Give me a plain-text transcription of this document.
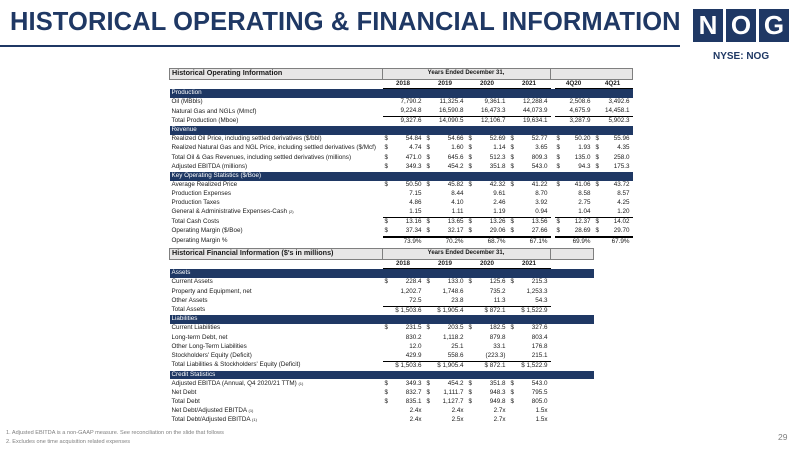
HISTORICAL OPERATING & FINANCIAL INFORMATION N O G
NYSE: NOG
Historical Operating Information	Years Ended December 31,						
	2018	2019	2020	2021		4Q20	4Q21
Production							
Oil (MBbls)	7,790.2	11,325.4	9,361.1	12,288.4		2,508.6	3,492.6
Natural Gas and NGLs (Mmcf)	9,224.8	16,590.8	16,473.3	44,073.9		4,675.9	14,458.1
Total Production (Mboe)	9,327.6	14,090.5	12,106.7	19,634.1		3,287.9	5,902.3
Revenue							
Realized Oil Price, including settled derivatives ($/bbl)	$ 54.84	$ 54.66	$ 52.69	$ 52.77		$ 50.20	$ 55.96
Realized Natural Gas and NGL Price, including settled derivatives ($/Mcf)	$ 4.74	$ 1.60	$ 1.14	$ 3.65		$ 1.93	$ 4.35
Total Oil & Gas Revenues, including settled derivatives (millions)	$ 471.0	$ 645.6	$ 512.3	$ 809.3		$ 135.0	$ 258.0
Adjusted EBITDA (millions)	$ 349.3	$ 454.2	$ 351.8	$ 543.0		$ 94.3	$ 175.3
Key Operating Statistics ($/Boe)							
Average Realized Price	$ 50.50	$ 45.82	$ 42.32	$ 41.22		$ 41.06	$ 43.72
Production Expenses	7.15	8.44	9.61	8.70		8.58	8.57
Production Taxes	4.86	4.10	2.46	3.92		2.75	4.25
General & Administrative Expenses-Cash $^{(2)}$	1.15	1.11	1.19	0.94		1.04	1.20
Total Cash Costs	$ 13.16	$ 13.65	$ 13.26	$ 13.56		$ 12.37	$ 14.02
Operating Margin ($/Boe)	$ 37.34	$ 32.17	$ 29.06	$ 27.66		$ 28.69	$ 29.70
Operating Margin %	73.9%	70.2%	68.7%	67.1%		69.9%	67.9%
Historical Financial Information ($'s in millions)	Years Ended December 31,				
	2018	2019	2020	2021	
Assets					
Current Assets	$ 228.4	$ 133.0	$ 125.6	$ 215.3	
Property and Equipment, net	1,202.7	1,748.6	735.2	1,253.3	
Other Assets	72.5	23.8	11.3	54.3	
Total Assets	$ 1,503.6	$ 1,905.4	$ 872.1	$ 1,522.9	
Liabilities					
Current Liabilities	$ 231.5	$ 203.5	$ 182.5	$ 327.6	
Long-term Debt, net	830.2	1,118.2	879.8	803.4	
Other Long-Term Liabilities	12.0	25.1	33.1	176.8	
Stockholders' Equity (Deficit)	429.9	558.6	(223.3)	215.1	
Total Liabilities & Stockholders' Equity (Deficit)	$ 1,503.6	$ 1,905.4	$ 872.1	$ 1,522.9	
Credit Statistics					
Adjusted EBITDA (Annual, Q4 2020/21 TTM) $^{(1)}$	$ 349.3	$ 454.2	$ 351.8	$ 543.0	
Net Debt	$ 832.7	$ 1,111.7	$ 948.3	$ 795.5	
Total Debt	$ 835.1	$ 1,127.7	$ 949.8	$ 805.0	
Net Debt/Adjusted EBITDA $^{(1)}$	2.4x	2.4x	2.7x	1.5x	
Total Debt/Adjusted EBITDA $^{(1)}$	2.4x	2.5x	2.7x	1.5x	
1. Adjusted EBITDA is a non-GAAP measure. See reconciliation on the slide that follows
2. Excludes one time acquisition related expenses	29
